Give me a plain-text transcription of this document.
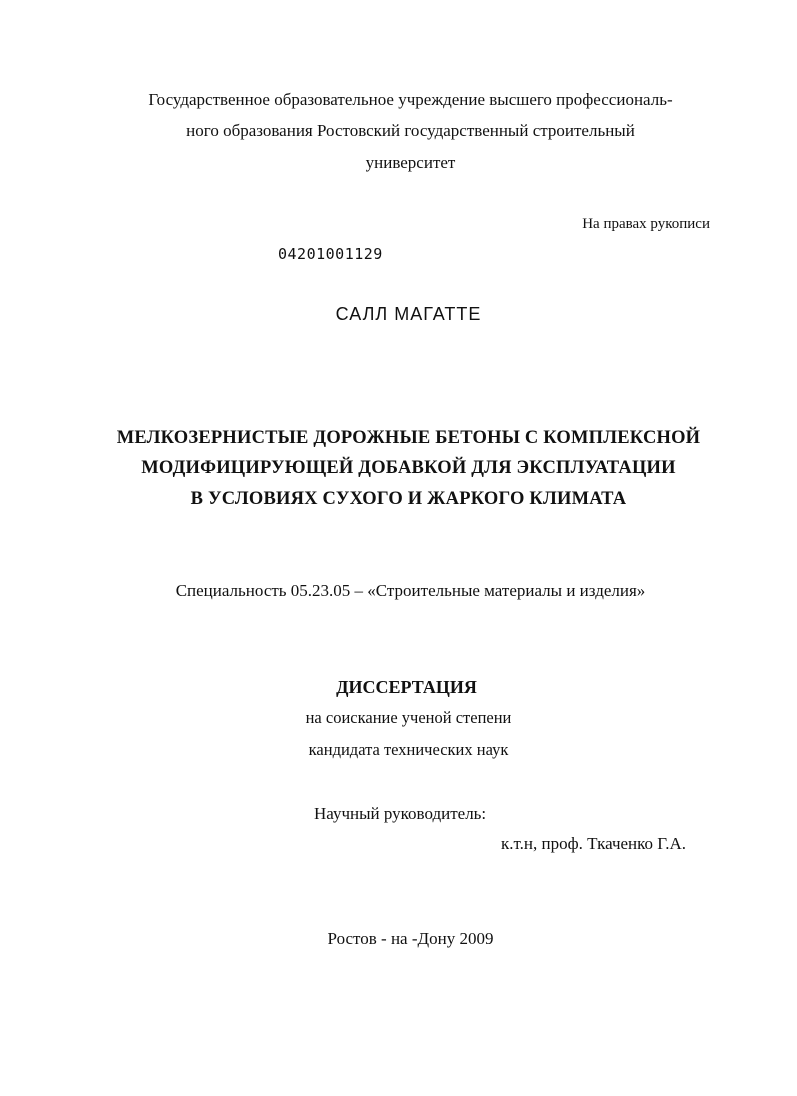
Государственное образовательное учреждение высшего профессиональ-
ного образования Ростовский государственный строительный
университет
На правах рукописи
04201001129
САЛЛ МАГАТТЕ
МЕЛКОЗЕРНИСТЫЕ ДОРОЖНЫЕ БЕТОНЫ С КОМПЛЕКСНОЙ
МОДИФИЦИРУЮЩЕЙ ДОБАВКОЙ ДЛЯ ЭКСПЛУАТАЦИИ
В УСЛОВИЯХ СУХОГО И ЖАРКОГО КЛИМАТА
Специальность 05.23.05 – «Строительные материалы и изделия»
ДИССЕРТАЦИЯ
на соискание ученой степени
кандидата технических наук
Научный руководитель:
к.т.н, проф. Ткаченко Г.А.
Ростов - на -Дону 2009
